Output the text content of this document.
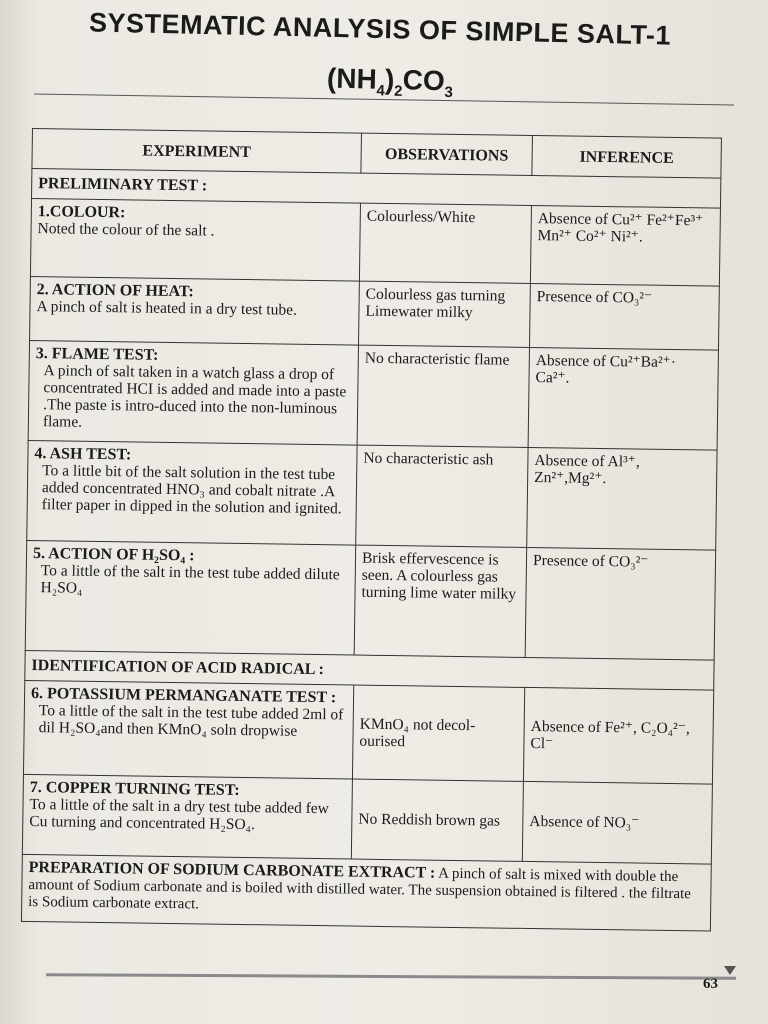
SYSTEMATIC ANALYSIS OF SIMPLE SALT-1
$(NH_4)_2CO_3$
EXPERIMENT	OBSERVATIONS	INFERENCE
PRELIMINARY TEST :		

1.COLOUR:
Noted the colour of the salt .	Colourless/White	Absence of Cu²⁺ Fe²⁺Fe³⁺ Mn²⁺ Co²⁺ Ni²⁺.

2. ACTION OF HEAT:
A pinch of salt is heated in a dry test tube.	Colourless gas turning Limewater milky	Presence of CO₃²⁻

3. FLAME TEST:
A pinch of salt taken in a watch glass a drop of concentrated HCI is added and made into a paste .The paste is intro-duced into the non-luminous flame.	No characteristic flame	Absence of Cu²⁺Ba²⁺· Ca²⁺.

4. ASH TEST:
To a little bit of the salt solution in the test tube added concentrated HNO₃ and cobalt nitrate .A filter paper in dipped in the solution and ignited.	No characteristic ash	Absence of Al³⁺, Zn²⁺,Mg²⁺.

5. ACTION OF H₂SO₄ :
To a little of the salt in the test tube added dilute H₂SO₄	Brisk effervescence is seen. A colourless gas turning lime water milky	Presence of CO₃²⁻
IDENTIFICATION OF ACID RADICAL :		

6. POTASSIUM PERMANGANATE TEST :
To a little of the salt in the test tube added 2ml of dil H₂SO₄and then KMnO₄ soln dropwise	KMnO₄ not decol-ourised	Absence of Fe²⁺, C₂O₄²⁻, Cl⁻

7. COPPER TURNING TEST:
To a little of the salt in a dry test tube added few Cu turning and concentrated H₂SO₄.	No Reddish brown gas	Absence of NO₃⁻
PREPARATION OF SODIUM CARBONATE EXTRACT : A pinch of salt is mixed with double the amount of Sodium carbonate and is boiled with distilled water. The suspension obtained is filtered . the filtrate is Sodium carbonate extract.		
63
